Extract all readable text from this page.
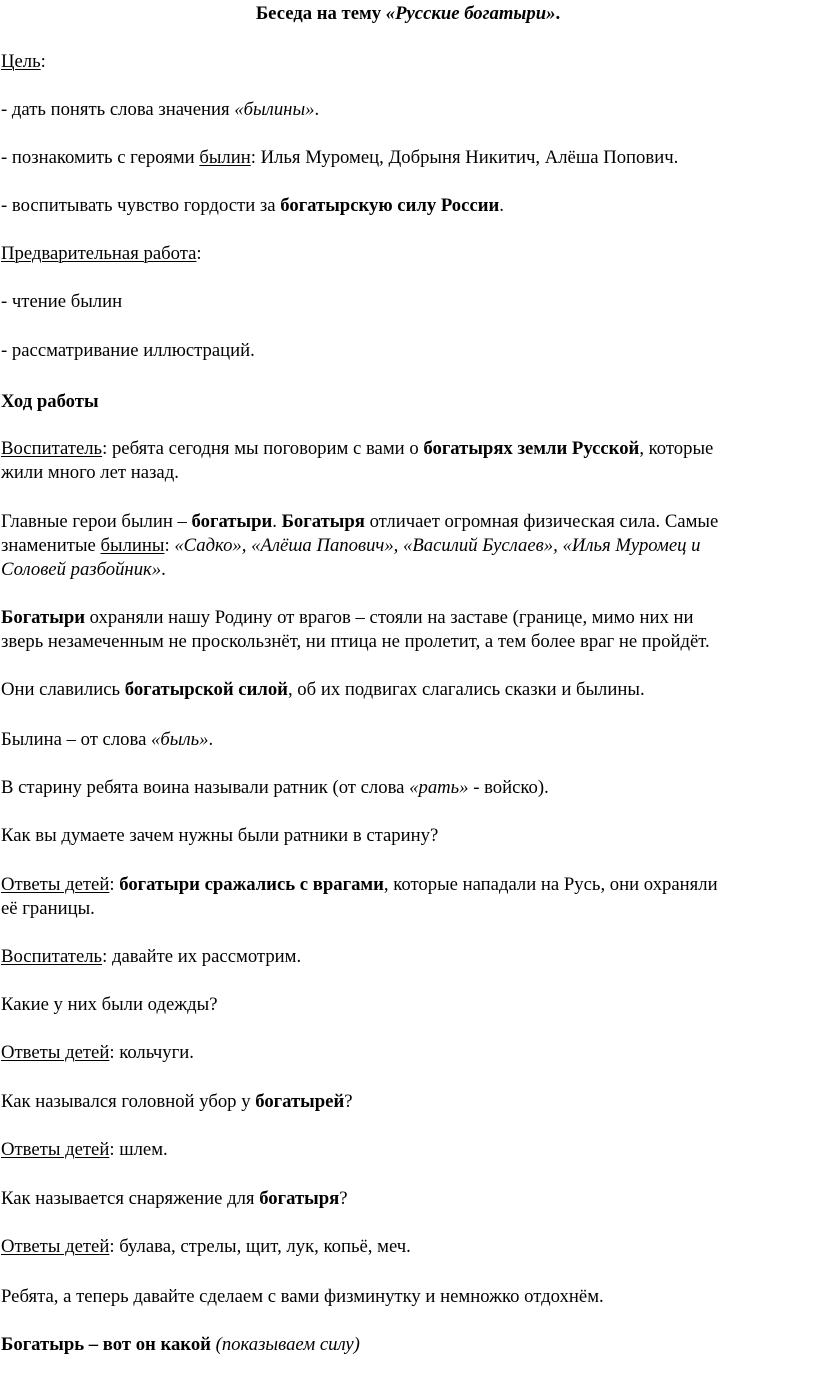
Беседа на тему «Русские богатыри».

Цель:

- дать понять слова значения «былины».

- познакомить с героями былин: Илья Муромец, Добрыня Никитич, Алёша Попович.

- воспитывать чувство гордости за богатырскую силу России.

Предварительная работа:

- чтение былин

- рассматривание иллюстраций.

Ход работы

Воспитатель: ребята сегодня мы поговорим с вами о богатырях земли Русской, которые

жили много лет назад.

Главные герои былин – богатыри. Богатыря отличает огромная физическая сила. Самые

знаменитые былины: «Садко», «Алёша Папович», «Василий Буслаев», «Илья Муромец и

Соловей разбойник».

Богатыри охраняли нашу Родину от врагов – стояли на заставе (границе, мимо них ни

зверь незамеченным не проскользнёт, ни птица не пролетит, а тем более враг не пройдёт.

Они славились богатырской силой, об их подвигах слагались сказки и былины.

Былина – от слова «быль».

В старину ребята воина называли ратник (от слова «рать» - войско).

Как вы думаете зачем нужны были ратники в старину?

Ответы детей: богатыри сражались с врагами, которые нападали на Русь, они охраняли

её границы.

Воспитатель: давайте их рассмотрим.

Какие у них были одежды?

Ответы детей: кольчуги.

Как назывался головной убор у богатырей?

Ответы детей: шлем.

Как называется снаряжение для богатыря?

Ответы детей: булава, стрелы, щит, лук, копьё, меч.

Ребята, а теперь давайте сделаем с вами физминутку и немножко отдохнём.

Богатырь – вот он какой (показываем силу)
